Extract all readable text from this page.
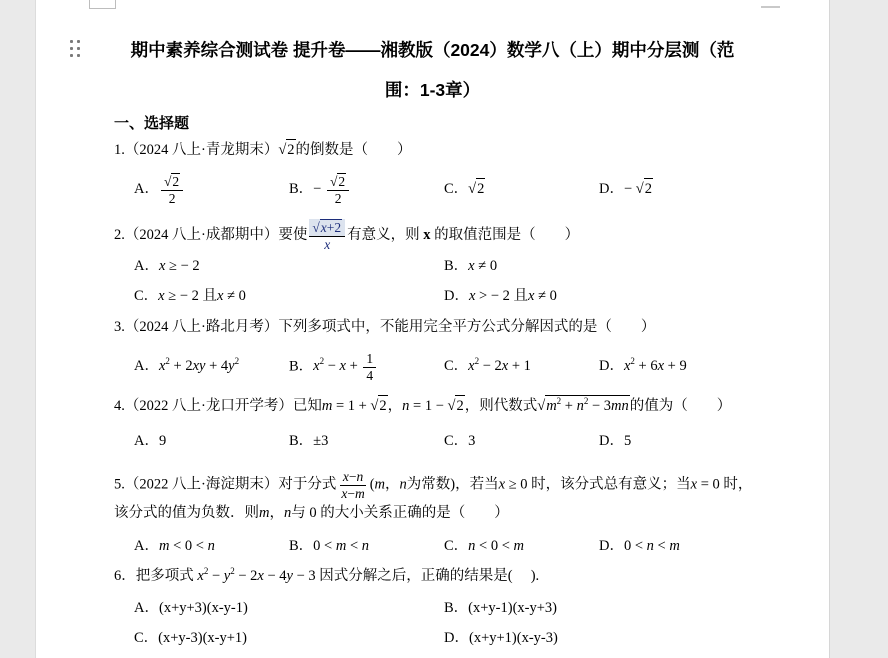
期中素养综合测试卷 提升卷——湘教版（2024）数学八（上）期中分层测（范
围：1-3章）
一、选择题
1.（2024 八上·青龙期末）√2的倒数是（　　）
A． $\frac{√2}{2}$	B．− $\frac{√2}{2}$	C．√2	D．− √2
2.（2024 八上·成都期中）要使 $\frac{√x+2}{x}$ 有意义，则 x 的取值范围是（　　）
A．x ≥ − 2	B．x ≠ 0
C．x ≥ − 2 且x ≠ 0	D．x > − 2 且x ≠ 0
3.（2024 八上·路北月考）下列多项式中，不能用完全平方公式分解因式的是（　　）
A．$x^2 + 2xy + 4y^2$	B．$x^2 - x + \frac{1}{4}$	C．$x^2 - 2x + 1$	D．$x^2 + 6x + 9$
4.（2022 八上·龙口开学考）已知m = 1 + √2，n = 1 − √2，则代数式$√m^2 + n^2 - 3mn$的值为（　　）
A．9	B．±3	C．3	D．5
5.（2022 八上·海淀期末）对于分式 $\frac{x-n}{x-m} (m$，n为常数)，若当x ≥ 0 时，该分式总有意义；当x = 0 时，
该分式的值为负数．则m，n与 0 的大小关系正确的是（　　）
A．m < 0 < n	B．0 < m < n	C．n < 0 < m	D．0 < n < m
6．把多项式 $x^2 - y^2 - 2x - 4y - 3$ 因式分解之后，正确的结果是(　 ).
A．(x+y+3)(x-y-1)	B．(x+y-1)(x-y+3)
C．(x+y-3)(x-y+1)	D．(x+y+1)(x-y-3)
